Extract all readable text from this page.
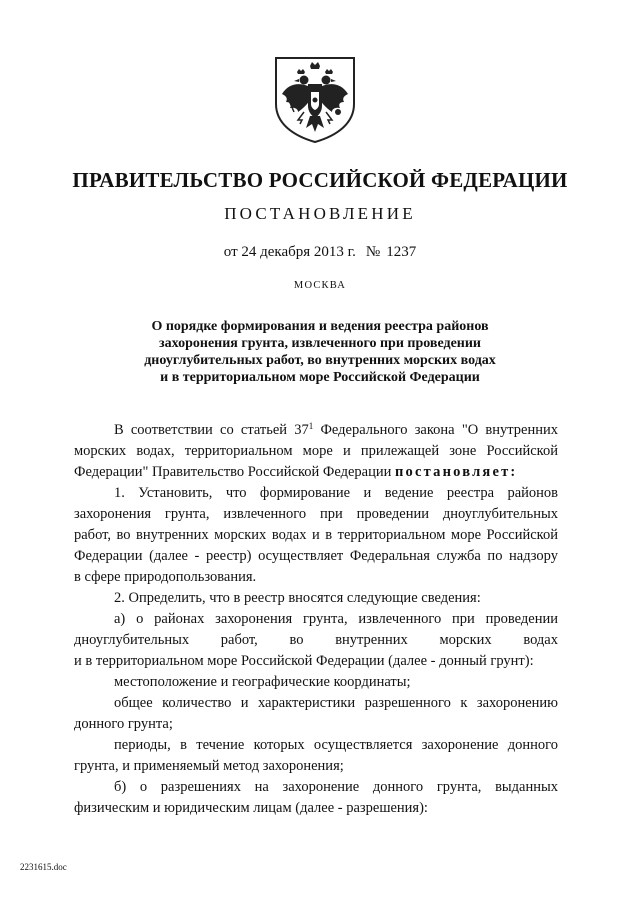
ПРАВИТЕЛЬСТВО РОССИЙСКОЙ ФЕДЕРАЦИИ
ПОСТАНОВЛЕНИЕ
от 24 декабря 2013 г. № 1237
МОСКВА
О порядке формирования и ведения реестра районов
захоронения грунта, извлеченного при проведении
дноуглубительных работ, во внутренних морских водах
и в территориальном море Российской Федерации
В соответствии со статьей $37^1$ Федерального закона "О внутренних
морских водах, территориальном море и прилежащей зоне Российской
Федерации" Правительство Российской Федерации постановляет:
1. Установить, что формирование и ведение реестра районов
захоронения грунта, извлеченного при проведении дноуглубительных
работ, во внутренних морских водах и в территориальном море Российской
Федерации (далее - реестр) осуществляет Федеральная служба по надзору
в сфере природопользования.
2. Определить, что в реестр вносятся следующие сведения:
а) о районах захоронения грунта, извлеченного при проведении
дноуглубительных работ, во внутренних морских водах
и в территориальном море Российской Федерации (далее - донный грунт):
местоположение и географические координаты;
общее количество и характеристики разрешенного к захоронению
донного грунта;
периоды, в течение которых осуществляется захоронение донного
грунта, и применяемый метод захоронения;
б) о разрешениях на захоронение донного грунта, выданных
физическим и юридическим лицам (далее - разрешения):
2231615.doc
